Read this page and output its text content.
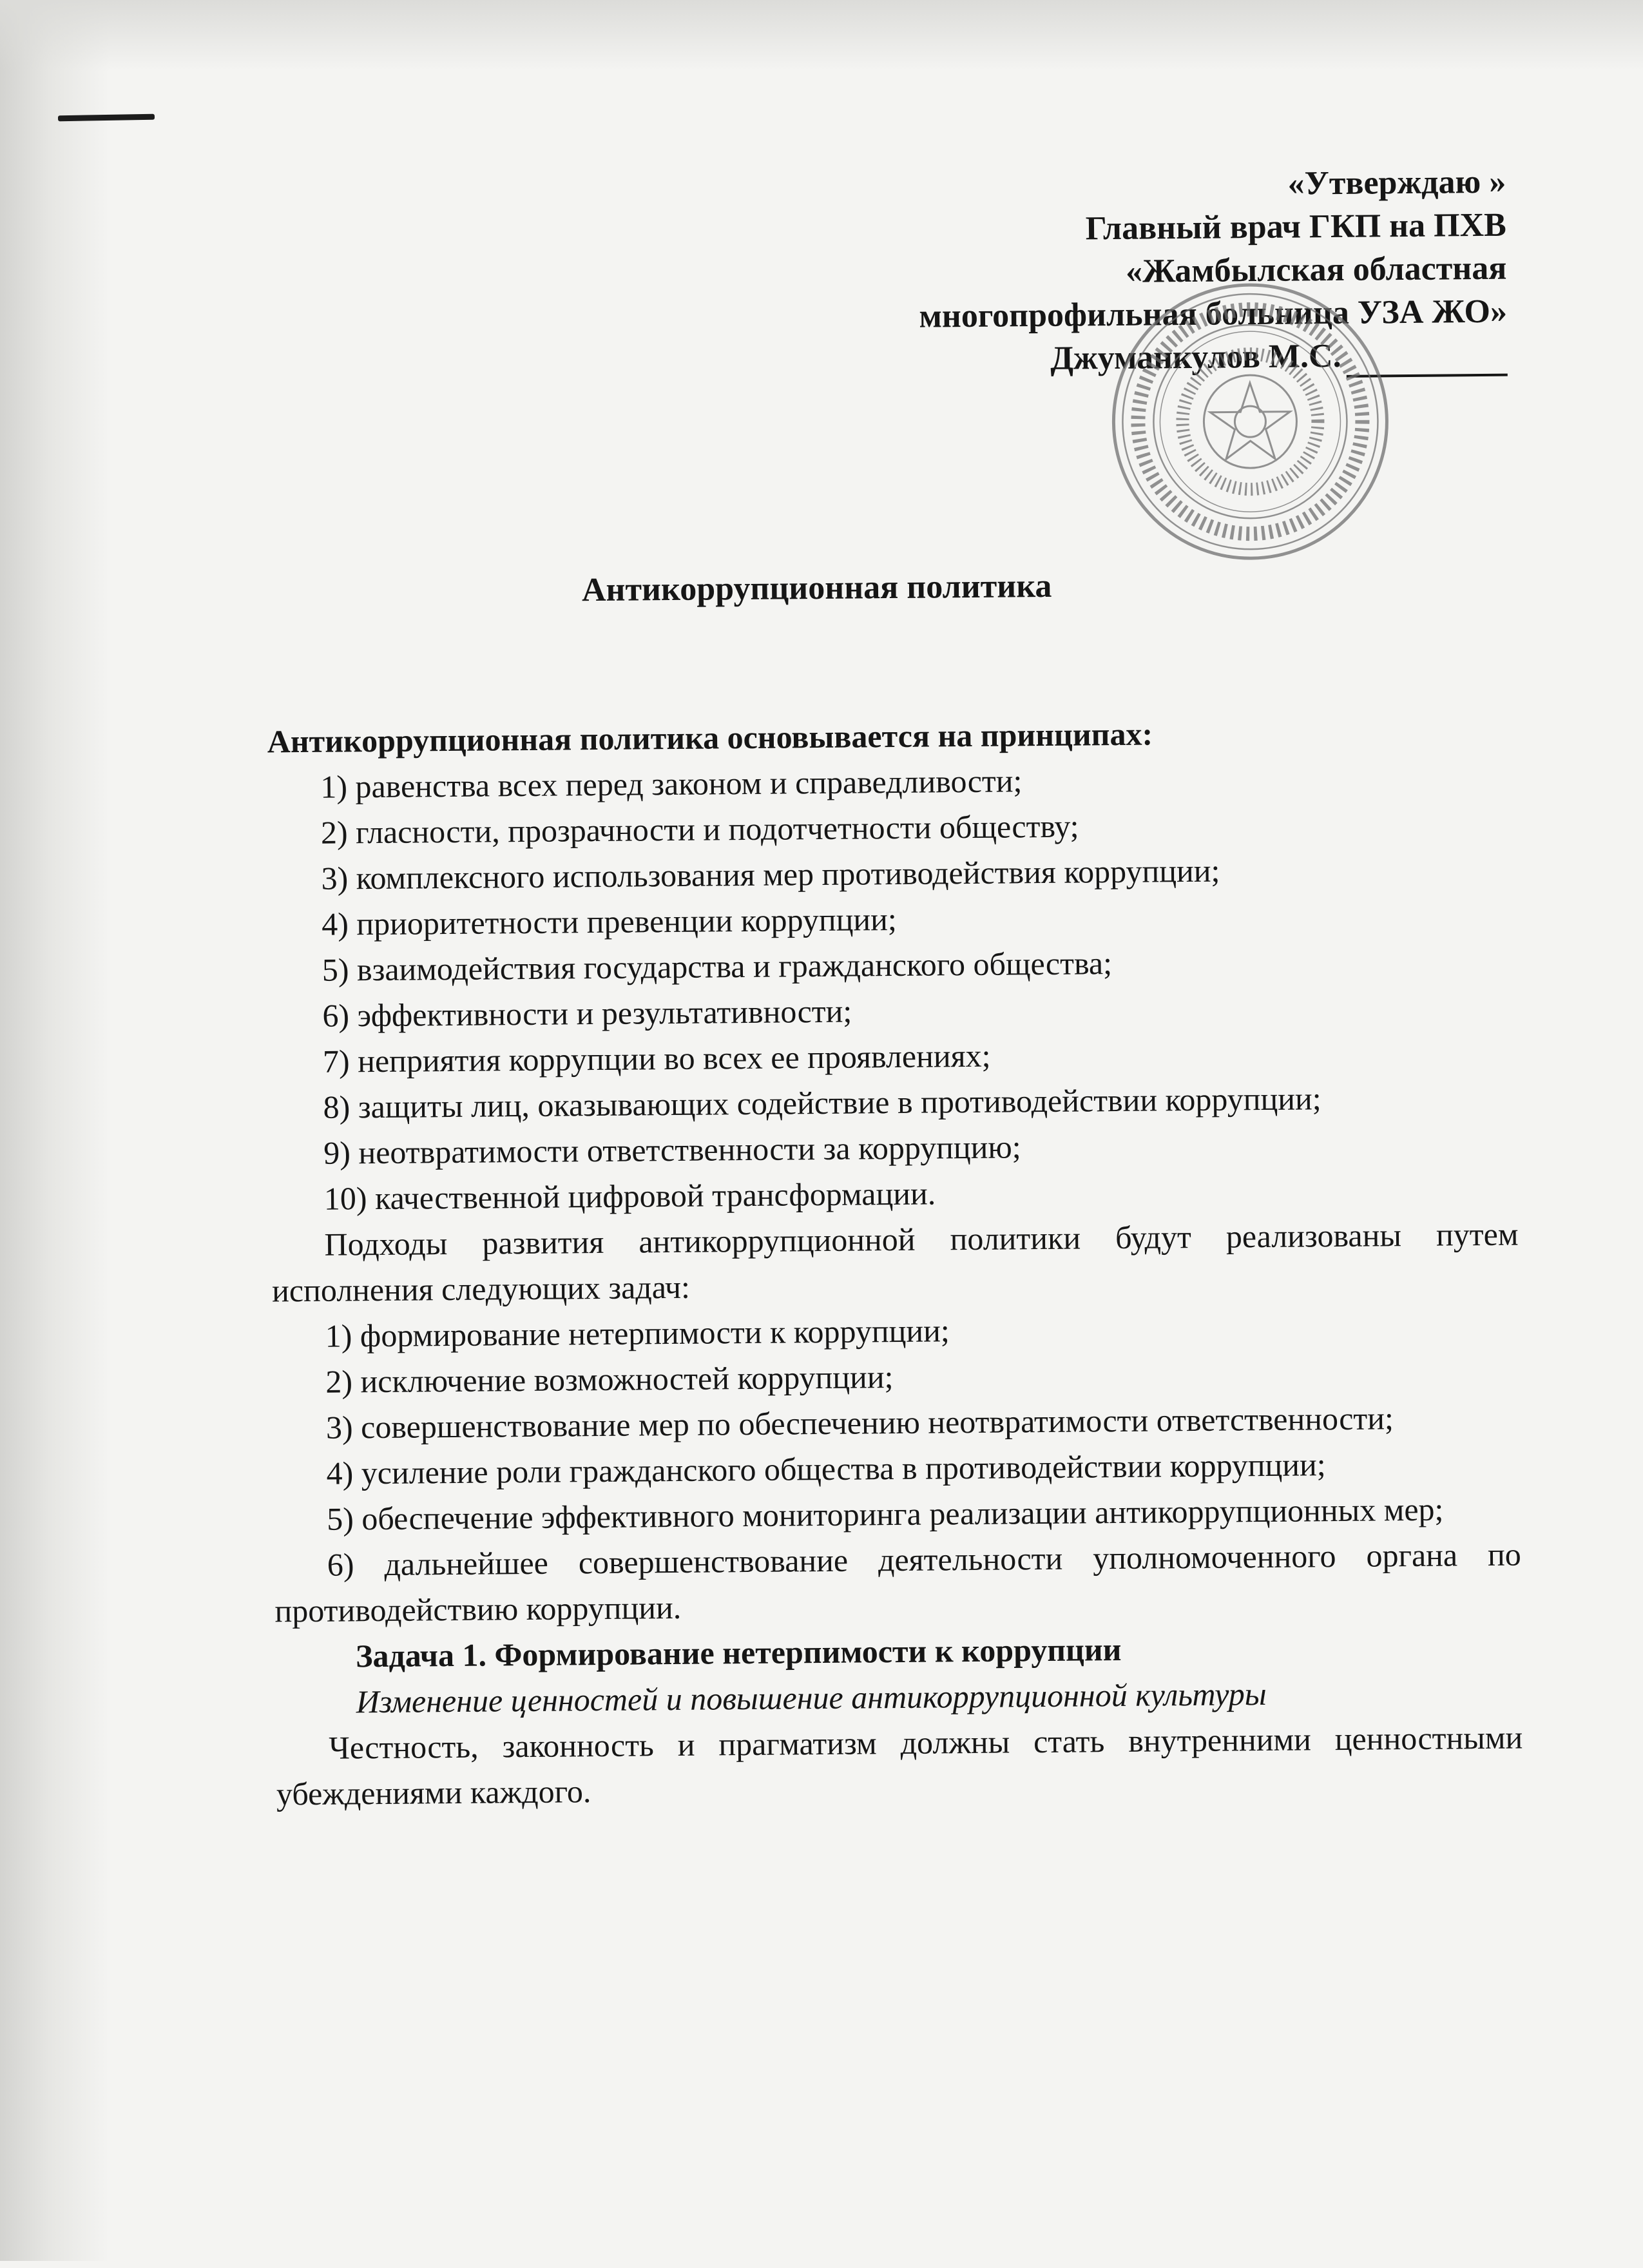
«Утверждаю »
Главный врач ГКП на ПХВ
«Жамбылская областная
многопрофильная больница УЗА ЖО»
Джуманкулов М.С.
Антикоррупционная политика

Антикоррупционная политика основывается на принципах:

1) равенства всех перед законом и справедливости;

2) гласности, прозрачности и подотчетности обществу;

3) комплексного использования мер противодействия коррупции;

4) приоритетности превенции коррупции;

5) взаимодействия государства и гражданского общества;

6) эффективности и результативности;

7) неприятия коррупции во всех ее проявлениях;

8) защиты лиц, оказывающих содействие в противодействии коррупции;

9) неотвратимости ответственности за коррупцию;

10) качественной цифровой трансформации.

Подходы развития антикоррупционной политики будут реализованы путем исполнения следующих задач:

1) формирование нетерпимости к коррупции;

2) исключение возможностей коррупции;

3) совершенствование мер по обеспечению неотвратимости ответственности;

4) усиление роли гражданского общества в противодействии коррупции;

5) обеспечение эффективного мониторинга реализации антикоррупционных мер;

6) дальнейшее совершенствование деятельности уполномоченного органа по противодействию коррупции.

Задача 1. Формирование нетерпимости к коррупции

Изменение ценностей и повышение антикоррупционной культуры

Честность, законность и прагматизм должны стать внутренними ценностными убеждениями каждого.
